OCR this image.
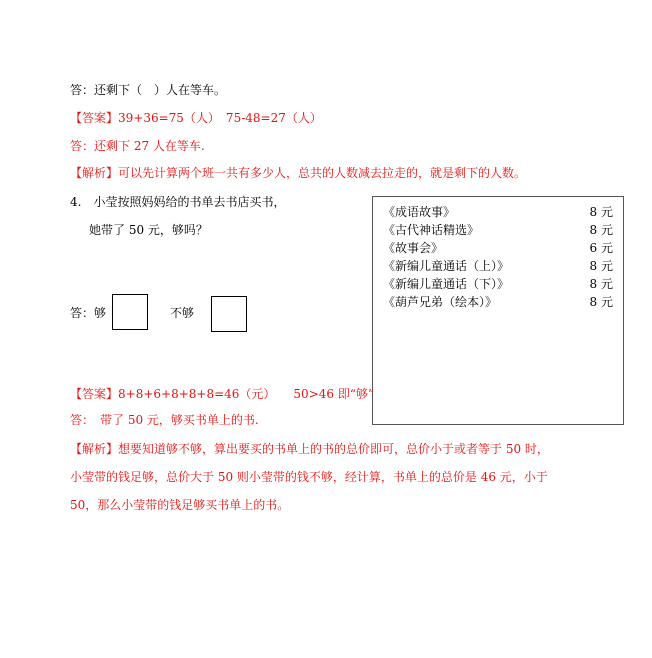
答：还剩下（　）人在等车。
【答案】39+36=75（人）　75-48=27（人）
答：还剩下 27 人在等车.
【解析】可以先计算两个班一共有多少人，总共的人数减去拉走的，就是剩下的人数。
4.　小莹按照妈妈给的书单去书店买书，
她带了 50 元，够吗？
答：够	不够
《成语故事》	8 元
《古代神话精选》	8 元
《故事会》	6 元
《新编儿童通话（上）》	8 元
《新编儿童通话（下）》	8 元
《葫芦兄弟（绘本）》	8 元
【答案】8+8+6+8+8+8=46（元）　　50>46 即“够”
答：　带了 50 元，够买书单上的书.
【解析】想要知道够不够，算出要买的书单上的书的总价即可，总价小于或者等于 50 时，
小莹带的钱足够，总价大于 50 则小莹带的钱不够，经计算，书单上的总价是 46 元，小于
50，那么小莹带的钱足够买书单上的书。
